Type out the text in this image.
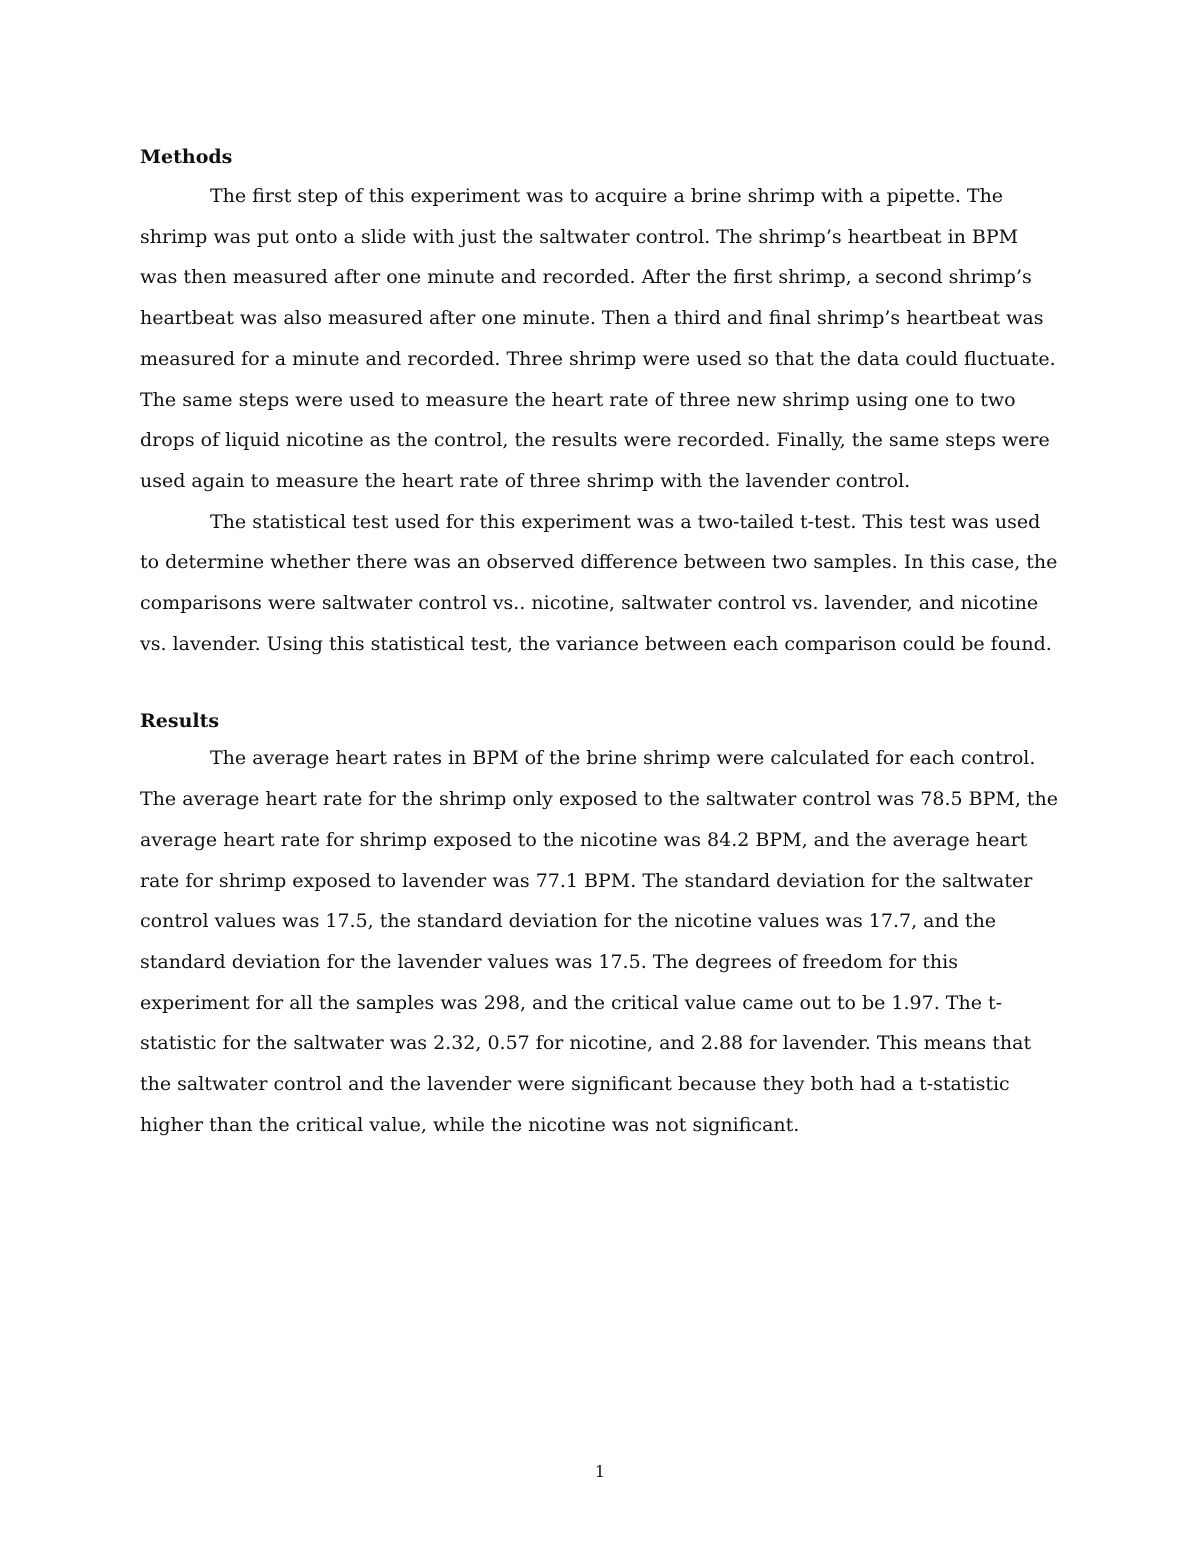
Methods

The first step of this experiment was to acquire a brine shrimp with a pipette. The shrimp was put onto a slide with just the saltwater control. The shrimp’s heartbeat in BPM was then measured after one minute and recorded. After the first shrimp, a second shrimp’s heartbeat was also measured after one minute. Then a third and final shrimp’s heartbeat was measured for a minute and recorded. Three shrimp were used so that the data could fluctuate. The same steps were used to measure the heart rate of three new shrimp using one to two drops of liquid nicotine as the control, the results were recorded. Finally, the same steps were used again to measure the heart rate of three shrimp with the lavender control.

The statistical test used for this experiment was a two-tailed t-test. This test was used to determine whether there was an observed difference between two samples. In this case, the comparisons were saltwater control vs.. nicotine, saltwater control vs. lavender, and nicotine vs. lavender. Using this statistical test, the variance between each comparison could be found.

Results

The average heart rates in BPM of the brine shrimp were calculated for each control. The average heart rate for the shrimp only exposed to the saltwater control was 78.5 BPM, the average heart rate for shrimp exposed to the nicotine was 84.2 BPM, and the average heart rate for shrimp exposed to lavender was 77.1 BPM. The standard deviation for the saltwater control values was 17.5, the standard deviation for the nicotine values was 17.7, and the standard deviation for the lavender values was 17.5. The degrees of freedom for this experiment for all the samples was 298, and the critical value came out to be 1.97. The t-statistic for the saltwater was 2.32, 0.57 for nicotine, and 2.88 for lavender. This means that the saltwater control and the lavender were significant because they both had a t-statistic higher than the critical value, while the nicotine was not significant.

1
